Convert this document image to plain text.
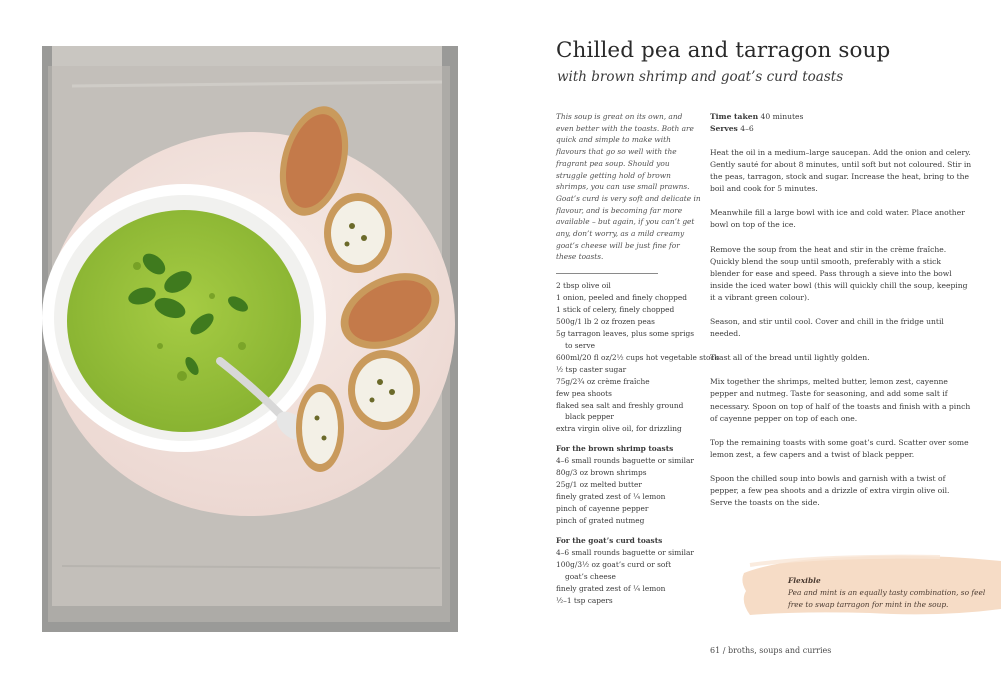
Chilled pea and tarragon soup
with brown shrimp and goat’s curd toasts

This soup is great on its own, and even better with the toasts. Both are quick and simple to make with flavours that go so well with the fragrant pea soup. Should you struggle getting hold of brown shrimps, you can use small prawns. Goat’s curd is very soft and delicate in flavour, and is becoming far more available – but again, if you can’t get any, don’t worry, as a mild creamy goat’s cheese will be just fine for these toasts.

2 tbsp olive oil
1 onion, peeled and finely chopped
1 stick of celery, finely chopped
500g/1 lb 2 oz frozen peas
5g tarragon leaves, plus some sprigs
to serve
600ml/20 fl oz/2½ cups hot vegetable stock
½ tsp caster sugar
75g/2¾ oz crème fraîche
few pea shoots
flaked sea salt and freshly ground
black pepper
extra virgin olive oil, for drizzling
For the brown shrimp toasts
4–6 small rounds baguette or similar
80g/3 oz brown shrimps
25g/1 oz melted butter
finely grated zest of ¼ lemon
pinch of cayenne pepper
pinch of grated nutmeg
For the goat’s curd toasts
4–6 small rounds baguette or similar
100g/3½ oz goat’s curd or soft
goat’s cheese
finely grated zest of ¼ lemon
½–1 tsp capers
Time taken 40 minutes
Serves 4–6

Heat the oil in a medium–large saucepan. Add the onion and celery. Gently sauté for about 8 minutes, until soft but not coloured. Stir in the peas, tarragon, stock and sugar. Increase the heat, bring to the boil and cook for 5 minutes.

Meanwhile fill a large bowl with ice and cold water. Place another bowl on top of the ice.

Remove the soup from the heat and stir in the crème fraîche. Quickly blend the soup until smooth, preferably with a stick blender for ease and speed. Pass through a sieve into the bowl inside the iced water bowl (this will quickly chill the soup, keeping it a vibrant green colour).

Season, and stir until cool. Cover and chill in the fridge until needed.

Toast all of the bread until lightly golden.

Mix together the shrimps, melted butter, lemon zest, cayenne pepper and nutmeg. Taste for seasoning, and add some salt if necessary. Spoon on top of half of the toasts and finish with a pinch of cayenne pepper on top of each one.

Top the remaining toasts with some goat’s curd. Scatter over some lemon zest, a few capers and a twist of black pepper.

Spoon the chilled soup into bowls and garnish with a twist of pepper, a few pea shoots and a drizzle of extra virgin olive oil. Serve the toasts on the side.

Flexible
Pea and mint is an equally tasty combination, so feel free to swap tarragon for mint in the soup.
61 / broths, soups and curries
